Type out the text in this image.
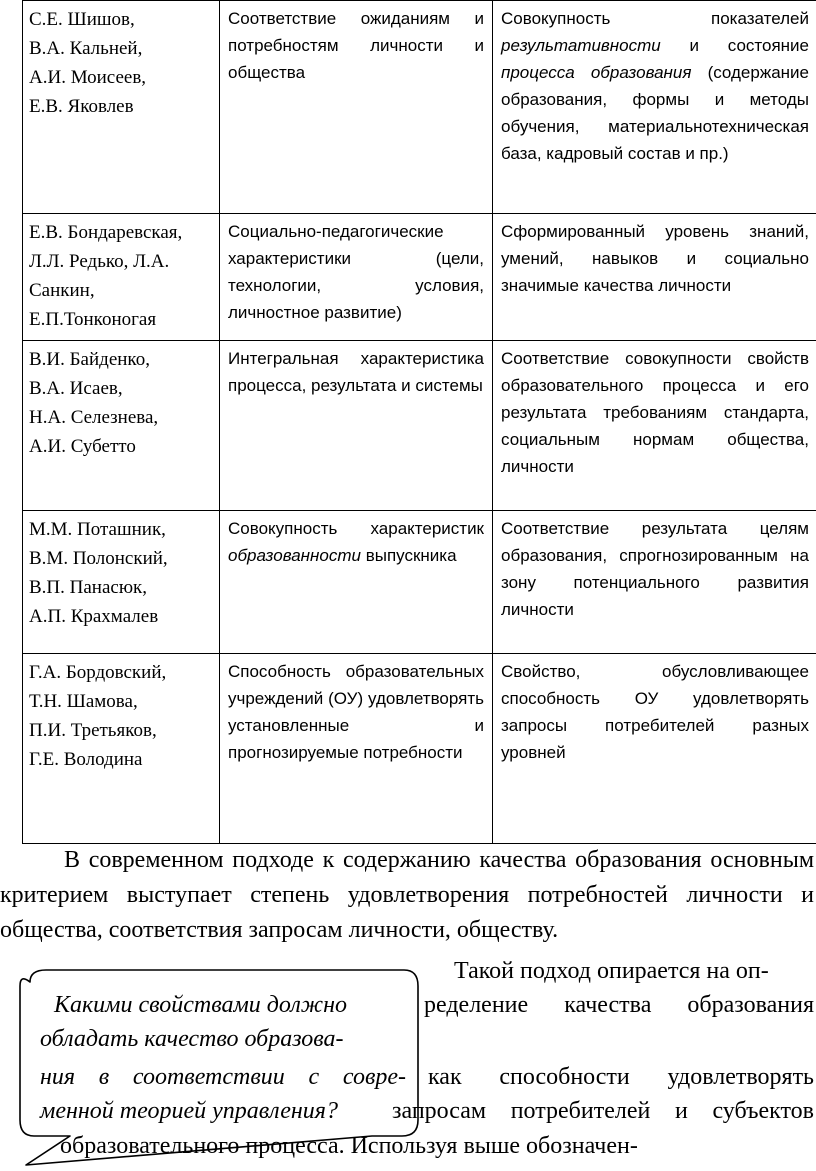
С.Е. Шишов,
В.А. Кальней,
А.И. Моисеев,
Е.В. Яковлев	Соответствие ожиданиям и потребностям личности и общества	Совокупность показателей результативности и состояние процесса образования (содержание образования, формы и методы обучения, материальнотехническая база, кадровый состав и пр.)

Е.В. Бондаревская,
Л.Л. Редько, Л.А.
Санкин,
Е.П.Тонконогая	Социально-педагогические характеристики (цели, технологии, условия, личностное развитие)	Сформированный уровень знаний, умений, навыков и социально значимые качества личности

В.И. Байденко,
В.А. Исаев,
Н.А. Селезнева,
А.И. Субетто	Интегральная характеристика процесса, результата и системы	Соответствие совокупности свойств образовательного процесса и его результата требованиям стандарта, социальным нормам общества, личности

М.М. Поташник,
В.М. Полонский,
В.П. Панасюк,
А.П. Крахмалев	Совокупность характеристик образованности выпускника	Соответствие результата целям образования, спрогнозированным на зону потенциального развития личности

Г.А. Бордовский,
Т.Н. Шамова,
П.И. Третьяков,
Г.Е. Володина	Способность образовательных учреждений (ОУ) удовлетворять установленные и прогнозируемые потребности	Свойство, обусловливающее способность ОУ удовлетворять запросы потребителей разных уровней
В современном подходе к содержанию качества образования основным критерием выступает степень удовлетворения потребностей личности и общества, соответствия запросам личности, обществу.
Такой подход опирается на оп-
ределение качества образования
как способности удовлетворять
запросам потребителей и субъектов
образовательного процесса. Используя выше обозначен-
Какими свойствами должно
обладать качество образова-
ния в соответствии с совре-
менной теорией управления?
